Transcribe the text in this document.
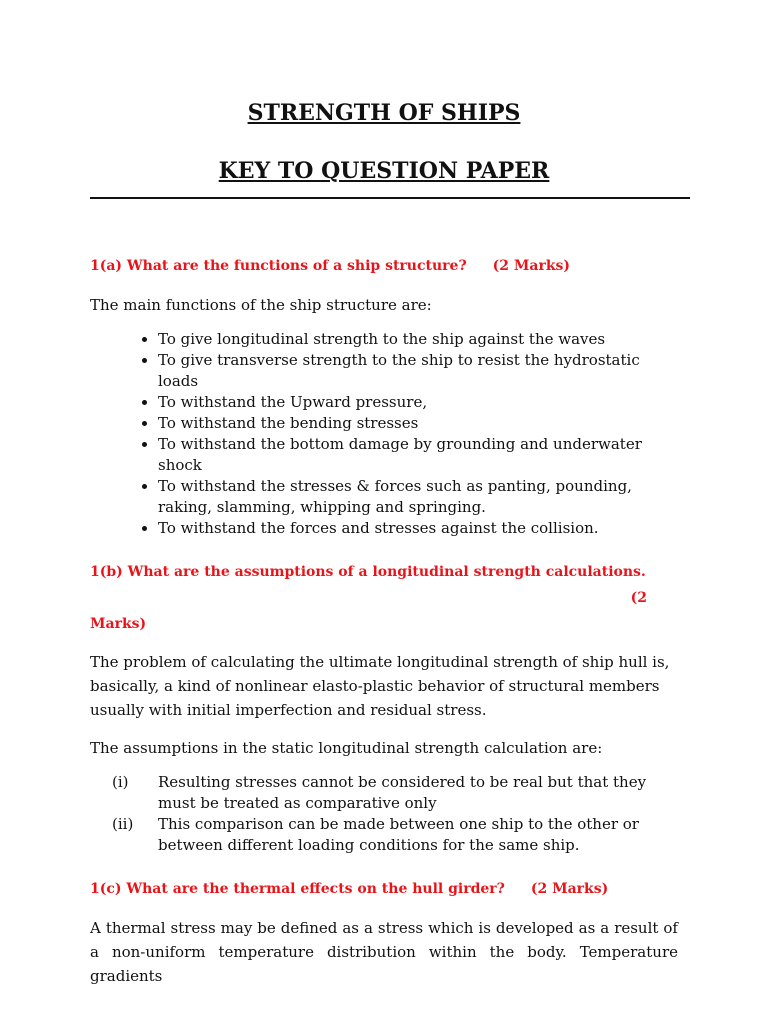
STRENGTH OF SHIPS
KEY TO QUESTION PAPER

1(a) What are the functions of a ship structure? (2 Marks)

The main functions of the ship structure are:

• To give longitudinal strength to the ship against the waves
• To give transverse strength to the ship to resist the hydrostatic loads
• To withstand the Upward pressure,
• To withstand the bending stresses
• To withstand the bottom damage by grounding and underwater shock
• To withstand the stresses & forces such as panting, pounding, raking, slamming, whipping and springing.
• To withstand the forces and stresses against the collision.

1(b) What are the assumptions of a longitudinal strength calculations.

(2

Marks)

The problem of calculating the ultimate longitudinal strength of ship hull is, basically, a kind of nonlinear elasto-plastic behavior of structural members usually with initial imperfection and residual stress.

The assumptions in the static longitudinal strength calculation are:

(i)	Resulting stresses cannot be considered to be real but that they must be treated as comparative only
(ii)	This comparison can be made between one ship to the other or between different loading conditions for the same ship.

1(c) What are the thermal effects on the hull girder? (2 Marks)

A thermal stress may be defined as a stress which is developed as a result of a non-uniform temperature distribution within the body. Temperature gradients
